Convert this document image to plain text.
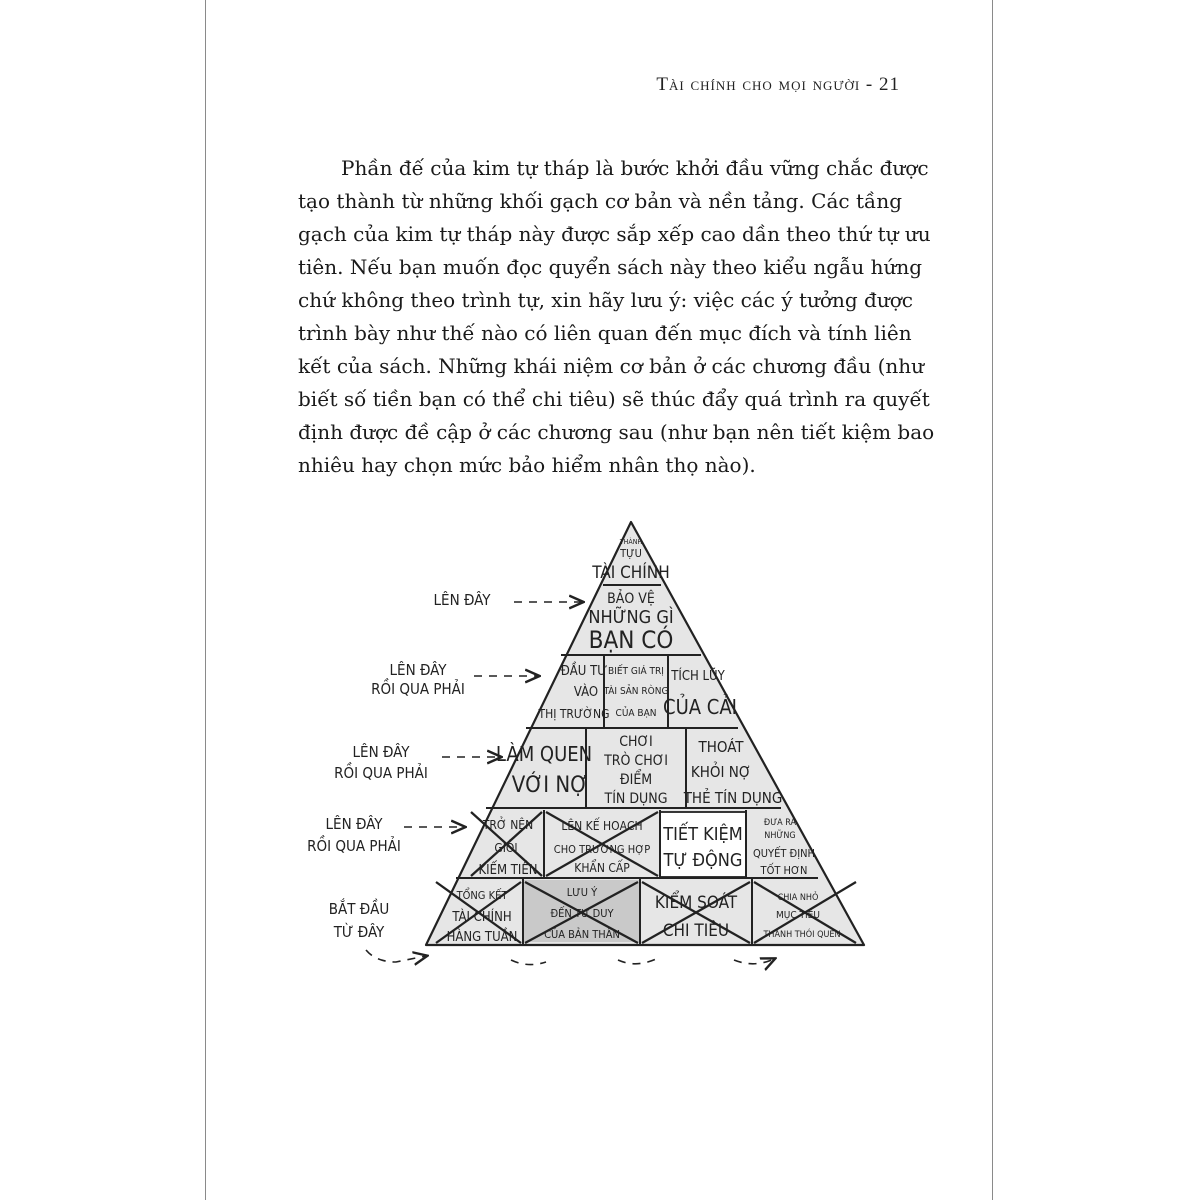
Tài chính cho mọi người - 21
Phần đế của kim tự tháp là bước khởi đầu vững chắc được
tạo thành từ những khối gạch cơ bản và nền tảng. Các tầng
gạch của kim tự tháp này được sắp xếp cao dần theo thứ tự ưu
tiên. Nếu bạn muốn đọc quyển sách này theo kiểu ngẫu hứng
chứ không theo trình tự, xin hãy lưu ý: việc các ý tưởng được
trình bày như thế nào có liên quan đến mục đích và tính liên
kết của sách. Những khái niệm cơ bản ở các chương đầu (như
biết số tiền bạn có thể chi tiêu) sẽ thúc đẩy quá trình ra quyết
định được đề cập ở các chương sau (như bạn nên tiết kiệm bao
nhiêu hay chọn mức bảo hiểm nhân thọ nào).
LÊN ĐÂY
LÊN ĐÂY
RỒI QUA PHẢI
LÊN ĐÂY
RỒI QUA PHẢI
LÊN ĐÂY
RỒI QUA PHẢI
BẮT ĐẦU
TỪ ĐÂY
THÀNH
TỰU
TÀI CHÍNH
BẢO VỆ
NHỮNG GÌ
BẠN CÓ
ĐẦU TƯ
VÀO
THỊ TRƯỜNG
BIẾT GIÁ TRỊ
TÀI SẢN RÒNG
CỦA BẠN
TÍCH LŨY
CỦA CẢI
LÀM QUEN
VỚI NỢ
CHƠI
TRÒ CHƠI
ĐIỂM
TÍN DỤNG
THOÁT
KHỎI NỢ
THẺ TÍN DỤNG
TRỞ NÊN
GIỎI
KIẾM TIỀN
LÊN KẾ HOẠCH
CHO TRƯỜNG HỢP
KHẨN CẤP
TIẾT KIỆM
TỰ ĐỘNG
ĐƯA RA
NHỮNG
QUYẾT ĐỊNH
TỐT HƠN
TỔNG KẾT
TÀI CHÍNH
HÀNG TUẦN
LƯU Ý
ĐẾN TƯ DUY
CỦA BẢN THÂN
KIỂM SOÁT
CHI TIÊU
CHIA NHỎ
MỤC TIÊU
THÀNH THÓI QUEN
